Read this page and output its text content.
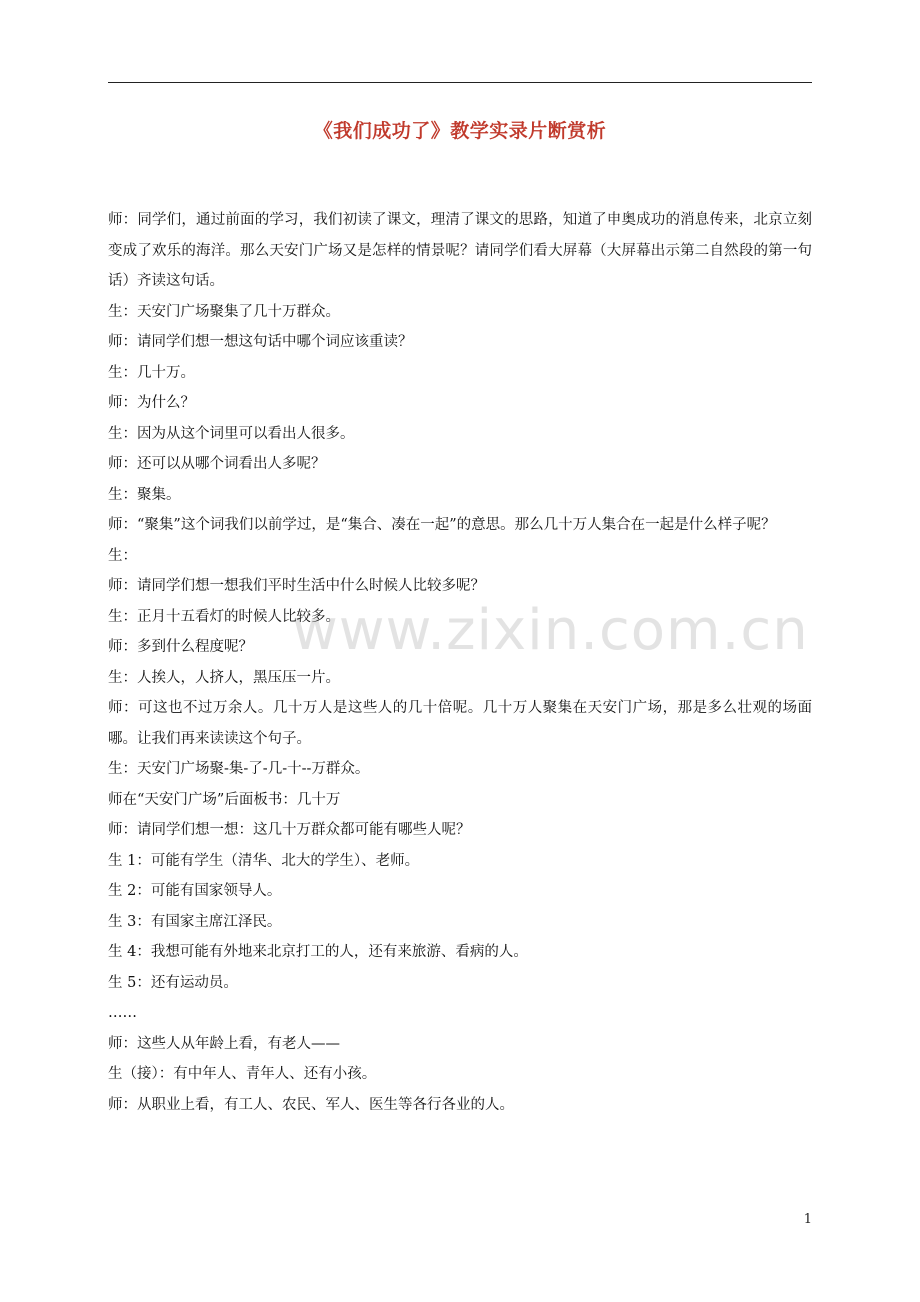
《我们成功了》教学实录片断赏析
www.zixin.com.cn

师：同学们，通过前面的学习，我们初读了课文，理清了课文的思路，知道了申奥成功的消息传来，北京立刻变成了欢乐的海洋。那么天安门广场又是怎样的情景呢？请同学们看大屏幕（大屏幕出示第二自然段的第一句话）齐读这句话。

生：天安门广场聚集了几十万群众。

师：请同学们想一想这句话中哪个词应该重读？

生：几十万。

师：为什么？

生：因为从这个词里可以看出人很多。

师：还可以从哪个词看出人多呢？

生：聚集。

师：“聚集”这个词我们以前学过，是“集合、凑在一起”的意思。那么几十万人集合在一起是什么样子呢？

生：

师：请同学们想一想我们平时生活中什么时候人比较多呢？

生：正月十五看灯的时候人比较多。

师：多到什么程度呢？

生：人挨人，人挤人，黑压压一片。

师：可这也不过万余人。几十万人是这些人的几十倍呢。几十万人聚集在天安门广场，那是多么壮观的场面哪。让我们再来读读这个句子。

生：天安门广场聚-集-了-几-十--万群众。

师在“天安门广场”后面板书：几十万

师：请同学们想一想：这几十万群众都可能有哪些人呢？

生 1：可能有学生（清华、北大的学生）、老师。

生 2：可能有国家领导人。

生 3：有国家主席江泽民。

生 4：我想可能有外地来北京打工的人，还有来旅游、看病的人。

生 5：还有运动员。

……

师：这些人从年龄上看，有老人——

生（接）：有中年人、青年人、还有小孩。

师：从职业上看，有工人、农民、军人、医生等各行各业的人。

1
